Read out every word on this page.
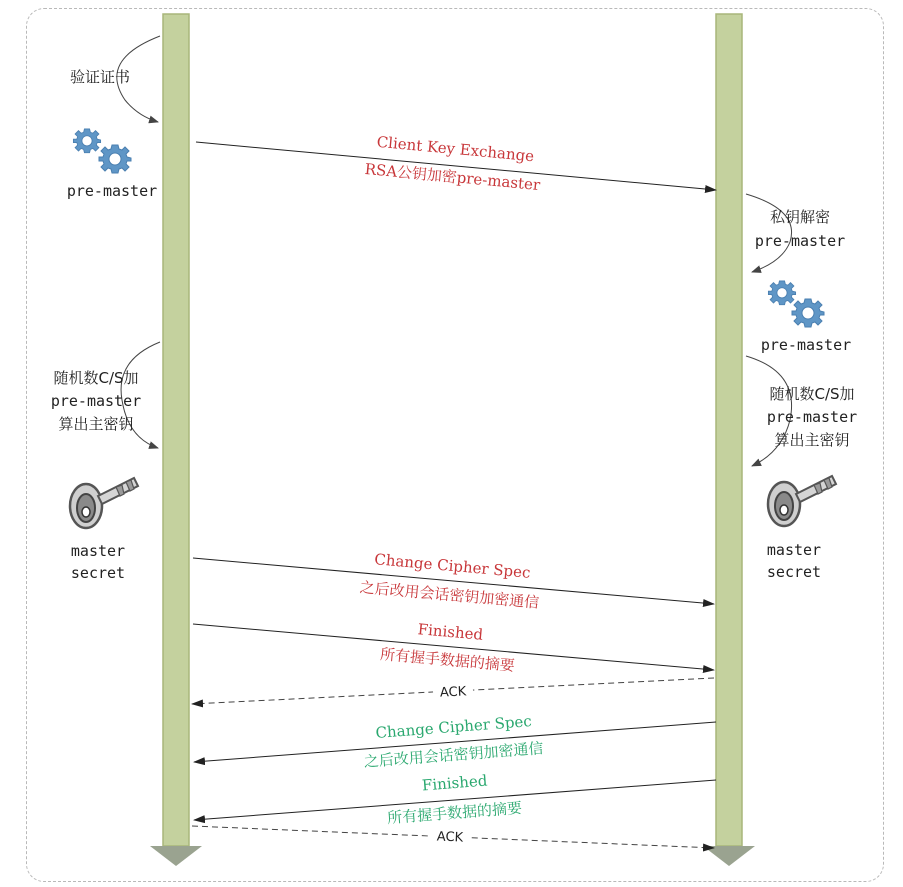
验证证书
pre-master
随机数C/S加
pre-master
算出主密钥
master
secret
私钥解密
pre-master
pre-master
随机数C/S加
pre-master
算出主密钥
master
secret
Client Key Exchange
RSA公钥加密pre-master
Change Cipher Spec
之后改用会话密钥加密通信
Finished
所有握手数据的摘要
ACK
Change Cipher Spec
之后改用会话密钥加密通信
Finished
所有握手数据的摘要
ACK
